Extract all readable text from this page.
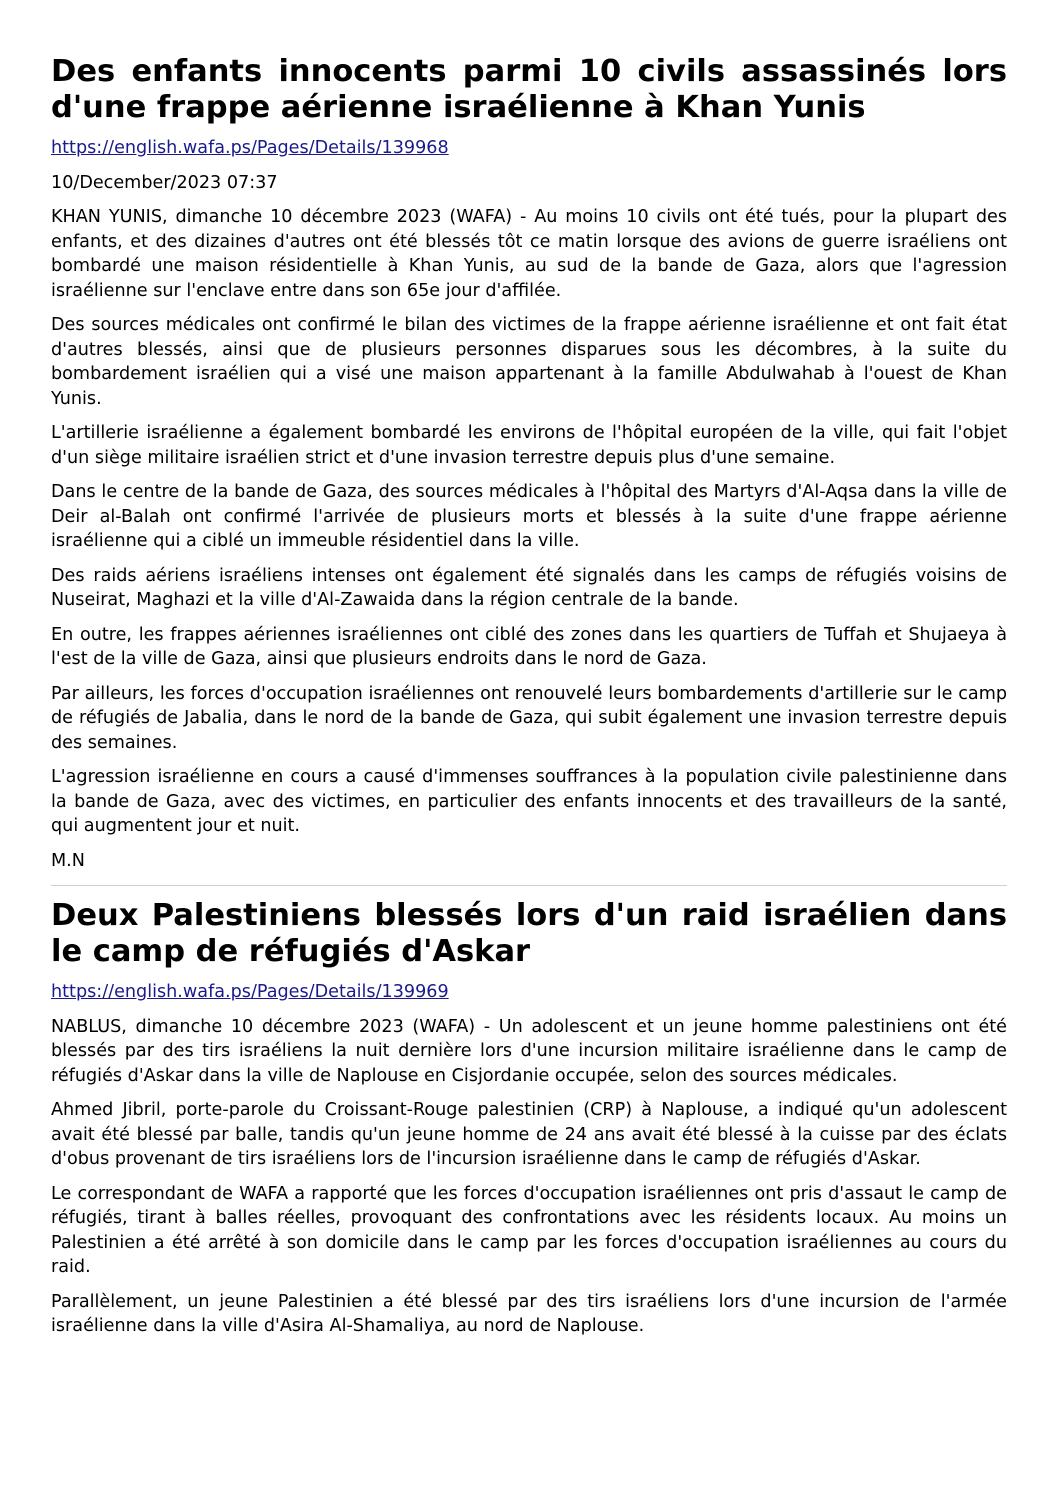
Des enfants innocents parmi 10 civils assassinés lors d'une frappe aérienne israélienne à Khan Yunis
https://english.wafa.ps/Pages/Details/139968
10/December/2023 07:37

KHAN YUNIS, dimanche 10 décembre 2023 (WAFA) - Au moins 10 civils ont été tués, pour la plupart des enfants, et des dizaines d'autres ont été blessés tôt ce matin lorsque des avions de guerre israéliens ont bombardé une maison résidentielle à Khan Yunis, au sud de la bande de Gaza, alors que l'agression israélienne sur l'enclave entre dans son 65e jour d'affilée.

Des sources médicales ont confirmé le bilan des victimes de la frappe aérienne israélienne et ont fait état d'autres blessés, ainsi que de plusieurs personnes disparues sous les décombres, à la suite du bombardement israélien qui a visé une maison appartenant à la famille Abdulwahab à l'ouest de Khan Yunis.

L'artillerie israélienne a également bombardé les environs de l'hôpital européen de la ville, qui fait l'objet d'un siège militaire israélien strict et d'une invasion terrestre depuis plus d'une semaine.

Dans le centre de la bande de Gaza, des sources médicales à l'hôpital des Martyrs d'Al-Aqsa dans la ville de Deir al-Balah ont confirmé l'arrivée de plusieurs morts et blessés à la suite d'une frappe aérienne israélienne qui a ciblé un immeuble résidentiel dans la ville.

Des raids aériens israéliens intenses ont également été signalés dans les camps de réfugiés voisins de Nuseirat, Maghazi et la ville d'Al-Zawaida dans la région centrale de la bande.

En outre, les frappes aériennes israéliennes ont ciblé des zones dans les quartiers de Tuffah et Shujaeya à l'est de la ville de Gaza, ainsi que plusieurs endroits dans le nord de Gaza.

Par ailleurs, les forces d'occupation israéliennes ont renouvelé leurs bombardements d'artillerie sur le camp de réfugiés de Jabalia, dans le nord de la bande de Gaza, qui subit également une invasion terrestre depuis des semaines.

L'agression israélienne en cours a causé d'immenses souffrances à la population civile palestinienne dans la bande de Gaza, avec des victimes, en particulier des enfants innocents et des travailleurs de la santé, qui augmentent jour et nuit.

M.N
Deux Palestiniens blessés lors d'un raid israélien dans le camp de réfugiés d'Askar
https://english.wafa.ps/Pages/Details/139969

NABLUS, dimanche 10 décembre 2023 (WAFA) - Un adolescent et un jeune homme palestiniens ont été blessés par des tirs israéliens la nuit dernière lors d'une incursion militaire israélienne dans le camp de réfugiés d'Askar dans la ville de Naplouse en Cisjordanie occupée, selon des sources médicales.

Ahmed Jibril, porte-parole du Croissant-Rouge palestinien (CRP) à Naplouse, a indiqué qu'un adolescent avait été blessé par balle, tandis qu'un jeune homme de 24 ans avait été blessé à la cuisse par des éclats d'obus provenant de tirs israéliens lors de l'incursion israélienne dans le camp de réfugiés d'Askar.

Le correspondant de WAFA a rapporté que les forces d'occupation israéliennes ont pris d'assaut le camp de réfugiés, tirant à balles réelles, provoquant des confrontations avec les résidents locaux. Au moins un Palestinien a été arrêté à son domicile dans le camp par les forces d'occupation israéliennes au cours du raid.

Parallèlement, un jeune Palestinien a été blessé par des tirs israéliens lors d'une incursion de l'armée israélienne dans la ville d'Asira Al-Shamaliya, au nord de Naplouse.
